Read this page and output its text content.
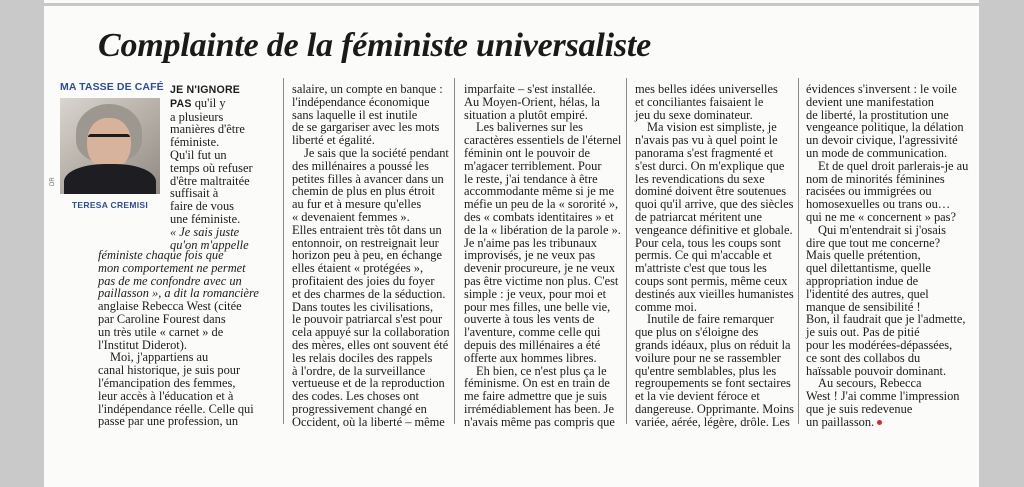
Complainte de la féministe universaliste
MA TASSE DE CAFÉ
DR
TERESA CREMISI
JE N'IGNORE
PAS qu'il y
a plusieurs
manières d'être
féministe.
Qu'il fut un
temps où refuser
d'être maltraitée
suffisait à
faire de vous
une féministe.
« Je sais juste
qu'on m'appelle
féministe chaque fois que
mon comportement ne permet
pas de me confondre avec un
paillasson », a dit la romancière
anglaise Rebecca West (citée
par Caroline Fourest dans
un très utile « carnet » de
l'Institut Diderot).
Moi, j'appartiens au
canal historique, je suis pour
l'émancipation des femmes,
leur accès à l'éducation et à
l'indépendance réelle. Celle qui
passe par une profession, un
salaire, un compte en banque :
l'indépendance économique
sans laquelle il est inutile
de se gargariser avec les mots
liberté et égalité.
Je sais que la société pendant
des millénaires a poussé les
petites filles à avancer dans un
chemin de plus en plus étroit
au fur et à mesure qu'elles
« devenaient femmes ».
Elles entraient très tôt dans un
entonnoir, on restreignait leur
horizon peu à peu, en échange
elles étaient « protégées »,
profitaient des joies du foyer
et des charmes de la séduction.
Dans toutes les civilisations,
le pouvoir patriarcal s'est pour
cela appuyé sur la collaboration
des mères, elles ont souvent été
les relais dociles des rappels
à l'ordre, de la surveillance
vertueuse et de la reproduction
des codes. Les choses ont
progressivement changé en
Occident, où la liberté – même
imparfaite – s'est installée.
Au Moyen-Orient, hélas, la
situation a plutôt empiré.
Les balivernes sur les
caractères essentiels de l'éternel
féminin ont le pouvoir de
m'agacer terriblement. Pour
le reste, j'ai tendance à être
accommodante même si je me
méfie un peu de la « sororité »,
des « combats identitaires » et
de la « libération de la parole ».
Je n'aime pas les tribunaux
improvisés, je ne veux pas
devenir procureure, je ne veux
pas être victime non plus. C'est
simple : je veux, pour moi et
pour mes filles, une belle vie,
ouverte à tous les vents de
l'aventure, comme celle qui
depuis des millénaires a été
offerte aux hommes libres.
Eh bien, ce n'est plus ça le
féminisme. On est en train de
me faire admettre que je suis
irrémédiablement has been. Je
n'avais même pas compris que
mes belles idées universelles
et conciliantes faisaient le
jeu du sexe dominateur.
Ma vision est simpliste, je
n'avais pas vu à quel point le
panorama s'est fragmenté et
s'est durci. On m'explique que
les revendications du sexe
dominé doivent être soutenues
quoi qu'il arrive, que des siècles
de patriarcat méritent une
vengeance définitive et globale.
Pour cela, tous les coups sont
permis. Ce qui m'accable et
m'attriste c'est que tous les
coups sont permis, même ceux
destinés aux vieilles humanistes
comme moi.
Inutile de faire remarquer
que plus on s'éloigne des
grands idéaux, plus on réduit la
voilure pour ne se rassembler
qu'entre semblables, plus les
regroupements se font sectaires
et la vie devient féroce et
dangereuse. Opprimante. Moins
variée, aérée, légère, drôle. Les
évidences s'inversent : le voile
devient une manifestation
de liberté, la prostitution une
vengeance politique, la délation
un devoir civique, l'agressivité
un mode de communication.
Et de quel droit parlerais-je au
nom de minorités féminines
racisées ou immigrées ou
homosexuelles ou trans ou…
qui ne me « concernent » pas?
Qui m'entendrait si j'osais
dire que tout me concerne?
Mais quelle prétention,
quel dilettantisme, quelle
appropriation indue de
l'identité des autres, quel
manque de sensibilité !
Bon, il faudrait que je l'admette,
je suis out. Pas de pitié
pour les modérées-dépassées,
ce sont des collabos du
haïssable pouvoir dominant.
Au secours, Rebecca
West ! J'ai comme l'impression
que je suis redevenue
un paillasson.
